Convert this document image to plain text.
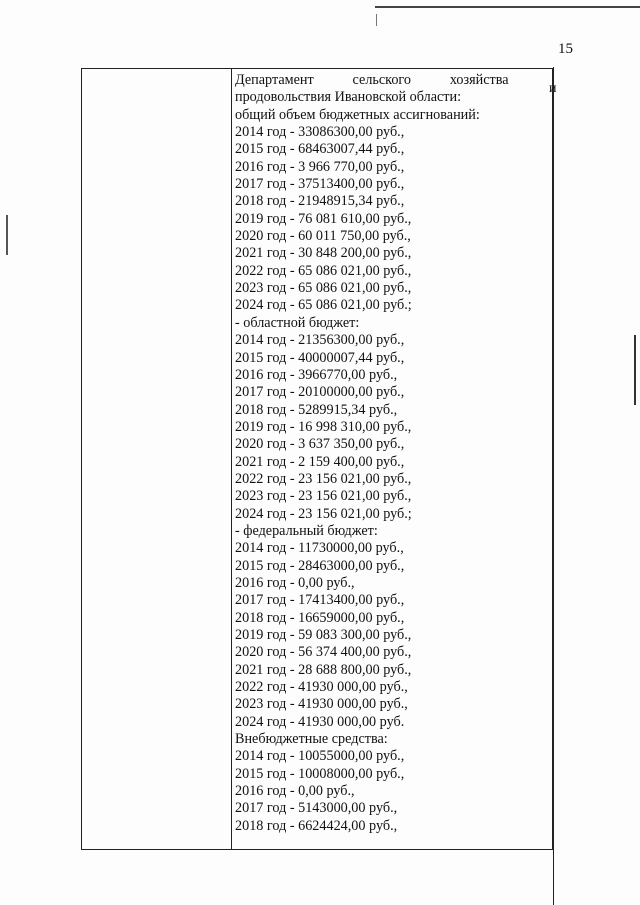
15
Департамент	сельского	хозяйства
продовольствия Ивановской области:
общий объем бюджетных ассигнований:
2014 год - 33086300,00 руб.,
2015 год - 68463007,44 руб.,
2016 год - 3 966 770,00 руб.,
2017 год - 37513400,00 руб.,
2018 год - 21948915,34 руб.,
2019 год - 76 081 610,00 руб.,
2020 год - 60 011 750,00 руб.,
2021 год - 30 848 200,00 руб.,
2022 год - 65 086 021,00 руб.,
2023 год - 65 086 021,00 руб.,
2024 год - 65 086 021,00 руб.;
- областной бюджет:
2014 год - 21356300,00 руб.,
2015 год - 40000007,44 руб.,
2016 год - 3966770,00 руб.,
2017 год - 20100000,00 руб.,
2018 год - 5289915,34 руб.,
2019 год - 16 998 310,00 руб.,
2020 год - 3 637 350,00 руб.,
2021 год - 2 159 400,00 руб.,
2022 год - 23 156 021,00 руб.,
2023 год - 23 156 021,00 руб.,
2024 год - 23 156 021,00 руб.;
- федеральный бюджет:
2014 год - 11730000,00 руб.,
2015 год - 28463000,00 руб.,
2016 год - 0,00 руб.,
2017 год - 17413400,00 руб.,
2018 год - 16659000,00 руб.,
2019 год - 59 083 300,00 руб.,
2020 год - 56 374 400,00 руб.,
2021 год - 28 688 800,00 руб.,
2022 год - 41930 000,00 руб.,
2023 год - 41930 000,00 руб.,
2024 год - 41930 000,00 руб.
Внебюджетные средства:
2014 год - 10055000,00 руб.,
2015 год - 10008000,00 руб.,
2016 год - 0,00 руб.,
2017 год - 5143000,00 руб.,
2018 год - 6624424,00 руб.,
и
